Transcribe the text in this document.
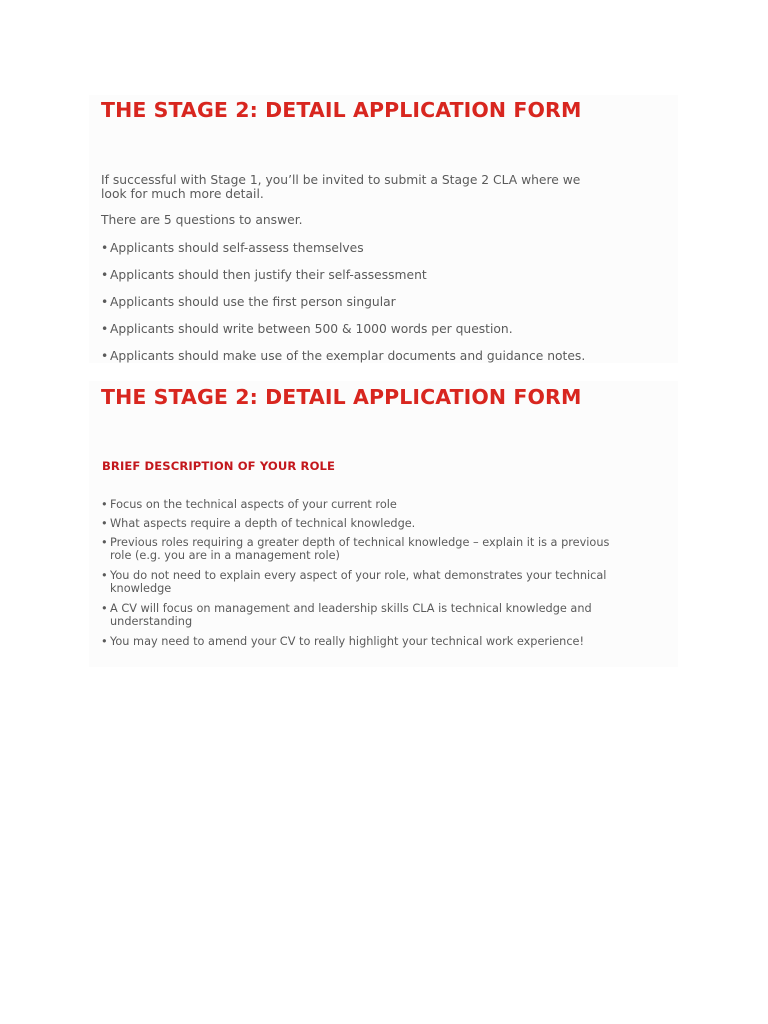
THE STAGE 2: DETAIL APPLICATION FORM

If successful with Stage 1, you’ll be invited to submit a Stage 2 CLA where we look for much more detail.

There are 5 questions to answer.

• Applicants should self-assess themselves
• Applicants should then justify their self-assessment
• Applicants should use the first person singular
• Applicants should write between 500 & 1000 words per question.
• Applicants should make use of the exemplar documents and guidance notes.
THE STAGE 2: DETAIL APPLICATION FORM
BRIEF DESCRIPTION OF YOUR ROLE
• Focus on the technical aspects of your current role
• What aspects require a depth of technical knowledge.
• Previous roles requiring a greater depth of technical knowledge – explain it is a previous role (e.g. you are in a management role)
• You do not need to explain every aspect of your role, what demonstrates your technical knowledge
• A CV will focus on management and leadership skills CLA is technical knowledge and understanding
• You may need to amend your CV to really highlight your technical work experience!
